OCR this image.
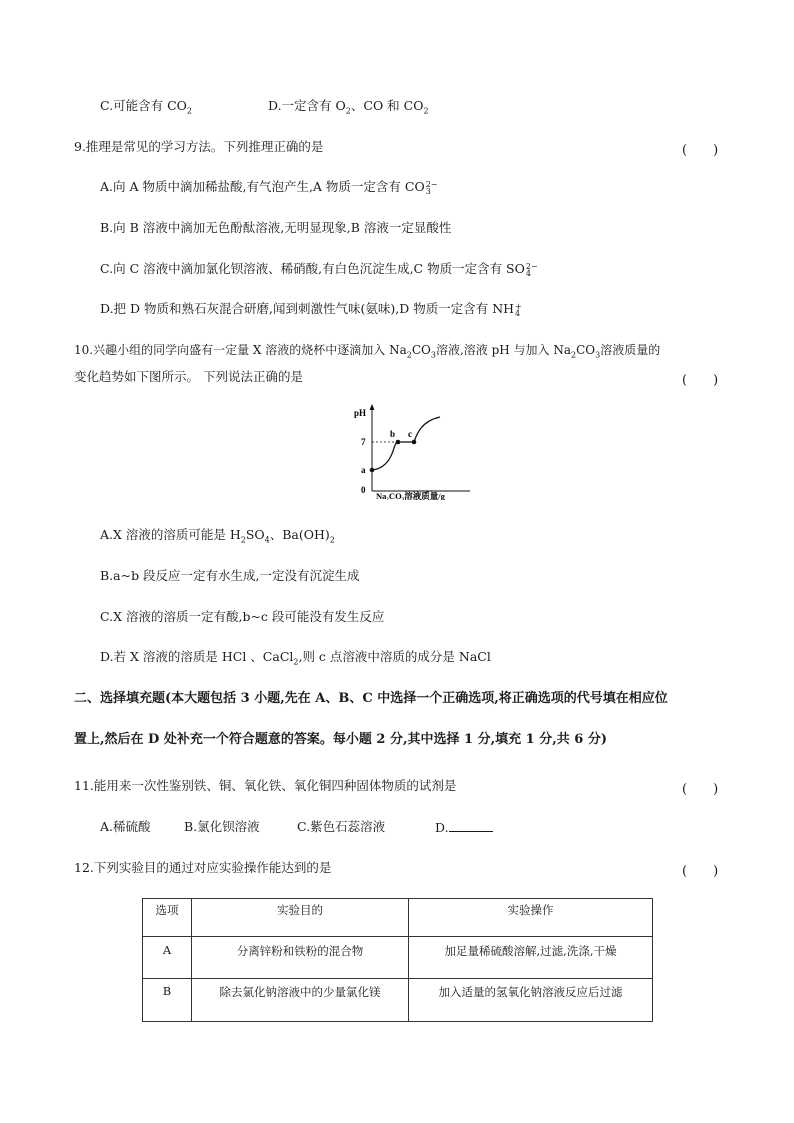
C.可能含有 $CO_2$	D.一定含有 $O_2$、CO 和 $CO_2$
9.推理是常见的学习方法。下列推理正确的是	(　　)
A.向 A 物质中滴加稀盐酸,有气泡产生,A 物质一定含有 CO 2−
3
B.向 B 溶液中滴加无色酚酞溶液,无明显现象,B 溶液一定显酸性
C.向 C 溶液中滴加氯化钡溶液、稀硝酸,有白色沉淀生成,C 物质一定含有 SO 2−
4
D.把 D 物质和熟石灰混合研磨,闻到刺激性气味(氨味),D 物质一定含有 NH +
4
10.兴趣小组的同学向盛有一定量 X 溶液的烧杯中逐滴加入 $Na_2CO_3$溶液,溶液 pH 与加入 $Na_2CO_3$溶液质量的
变化趋势如下图所示。 下列说法正确的是	(　　)
pH
7
0
a
b c
Na₂CO₃溶液质量/g
A.X 溶液的溶质可能是 $H_2SO_4$、$Ba(OH)_2$
B.a~b 段反应一定有水生成,一定没有沉淀生成
C.X 溶液的溶质一定有酸,b~c 段可能没有发生反应
D.若 X 溶液的溶质是 HCl 、CaCl$_2$,则 c 点溶液中溶质的成分是 NaCl
二、选择填充题(本大题包括 3 小题,先在 A、B、C 中选择一个正确选项,将正确选项的代号填在相应位
置上,然后在 D 处补充一个符合题意的答案。每小题 2 分,其中选择 1 分,填充 1 分,共 6 分)
11.能用来一次性鉴别铁、铜、氧化铁、氧化铜四种固体物质的试剂是	(　　)
A.稀硫酸	B.氯化钡溶液	C.紫色石蕊溶液	D.
12.下列实验目的通过对应实验操作能达到的是	(　　)
选项	实验目的	实验操作
A	分离锌粉和铁粉的混合物	加足量稀硫酸溶解,过滤,洗涤,干燥
B	除去氯化钠溶液中的少量氯化镁	加入适量的氢氧化钠溶液反应后过滤
